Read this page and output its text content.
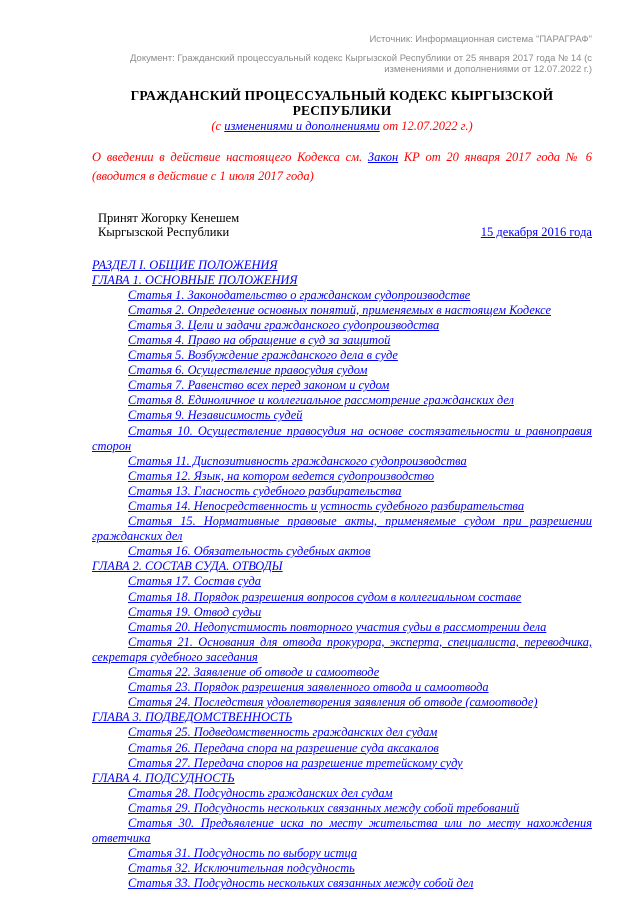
Источник: Информационная система "ПАРАГРАФ"
Документ: Гражданский процессуальный кодекс Кыргызской Республики от 25 января 2017 года № 14 (с изменениями и дополнениями от 12.07.2022 г.)
ГРАЖДАНСКИЙ ПРОЦЕССУАЛЬНЫЙ КОДЕКС КЫРГЫЗСКОЙ РЕСПУБЛИКИ
(с изменениями и дополнениями от 12.07.2022 г.)

О введении в действие настоящего Кодекса см. Закон КР от 20 января 2017 года № 6 (вводится в действие с 1 июля 2017 года)

Принят Жогорку Кенешем
Кыргызской Республики	15 декабря 2016 года

РАЗДЕЛ I. ОБЩИЕ ПОЛОЖЕНИЯ

ГЛАВА 1. ОСНОВНЫЕ ПОЛОЖЕНИЯ

Статья 1. Законодательство о гражданском судопроизводстве

Статья 2. Определение основных понятий, применяемых в настоящем Кодексе

Статья 3. Цели и задачи гражданского судопроизводства

Статья 4. Право на обращение в суд за защитой

Статья 5. Возбуждение гражданского дела в суде

Статья 6. Осуществление правосудия судом

Статья 7. Равенство всех перед законом и судом

Статья 8. Единоличное и коллегиальное рассмотрение гражданских дел

Статья 9. Независимость судей

Статья 10. Осуществление правосудия на основе состязательности и равноправия сторон

Статья 11. Диспозитивность гражданского судопроизводства

Статья 12. Язык, на котором ведется судопроизводство

Статья 13. Гласность судебного разбирательства

Статья 14. Непосредственность и устность судебного разбирательства

Статья 15. Нормативные правовые акты, применяемые судом при разрешении гражданских дел

Статья 16. Обязательность судебных актов

ГЛАВА 2. СОСТАВ СУДА. ОТВОДЫ

Статья 17. Состав суда

Статья 18. Порядок разрешения вопросов судом в коллегиальном составе

Статья 19. Отвод судьи

Статья 20. Недопустимость повторного участия судьи в рассмотрении дела

Статья 21. Основания для отвода прокурора, эксперта, специалиста, переводчика, секретаря судебного заседания

Статья 22. Заявление об отводе и самоотводе

Статья 23. Порядок разрешения заявленного отвода и самоотвода

Статья 24. Последствия удовлетворения заявления об отводе (самоотводе)

ГЛАВА 3. ПОДВЕДОМСТВЕННОСТЬ

Статья 25. Подведомственность гражданских дел судам

Статья 26. Передача спора на разрешение суда аксакалов

Статья 27. Передача споров на разрешение третейскому суду

ГЛАВА 4. ПОДСУДНОСТЬ

Статья 28. Подсудность гражданских дел судам

Статья 29. Подсудность нескольких связанных между собой требований

Статья 30. Предъявление иска по месту жительства или по месту нахождения ответчика

Статья 31. Подсудность по выбору истца

Статья 32. Исключительная подсудность

Статья 33. Подсудность нескольких связанных между собой дел
